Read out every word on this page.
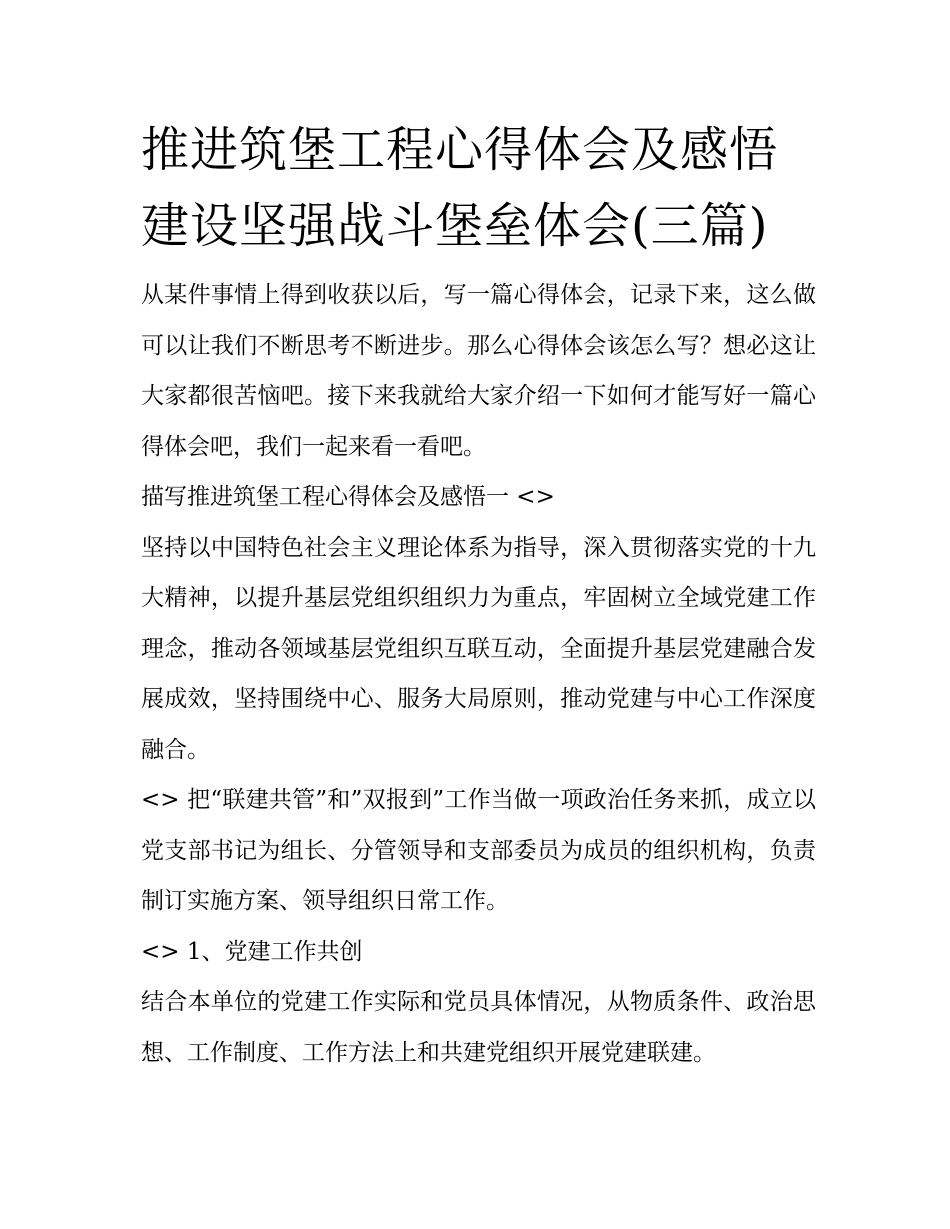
推进筑堡工程心得体会及感悟
建设坚强战斗堡垒体会(三篇)

从某件事情上得到收获以后，写一篇心得体会，记录下来，这么做可以让我们不断思考不断进步。那么心得体会该怎么写？想必这让大家都很苦恼吧。接下来我就给大家介绍一下如何才能写好一篇心得体会吧，我们一起来看一看吧。

描写推进筑堡工程心得体会及感悟一 <>

坚持以中国特色社会主义理论体系为指导，深入贯彻落实党的十九大精神，以提升基层党组织组织力为重点，牢固树立全域党建工作理念，推动各领域基层党组织互联互动，全面提升基层党建融合发展成效，坚持围绕中心、服务大局原则，推动党建与中心工作深度融合。

<> 把“联建共管”和”双报到”工作当做一项政治任务来抓，成立以党支部书记为组长、分管领导和支部委员为成员的组织机构，负责制订实施方案、领导组织日常工作。

<> 1、党建工作共创

结合本单位的党建工作实际和党员具体情况，从物质条件、政治思想、工作制度、工作方法上和共建党组织开展党建联建。
